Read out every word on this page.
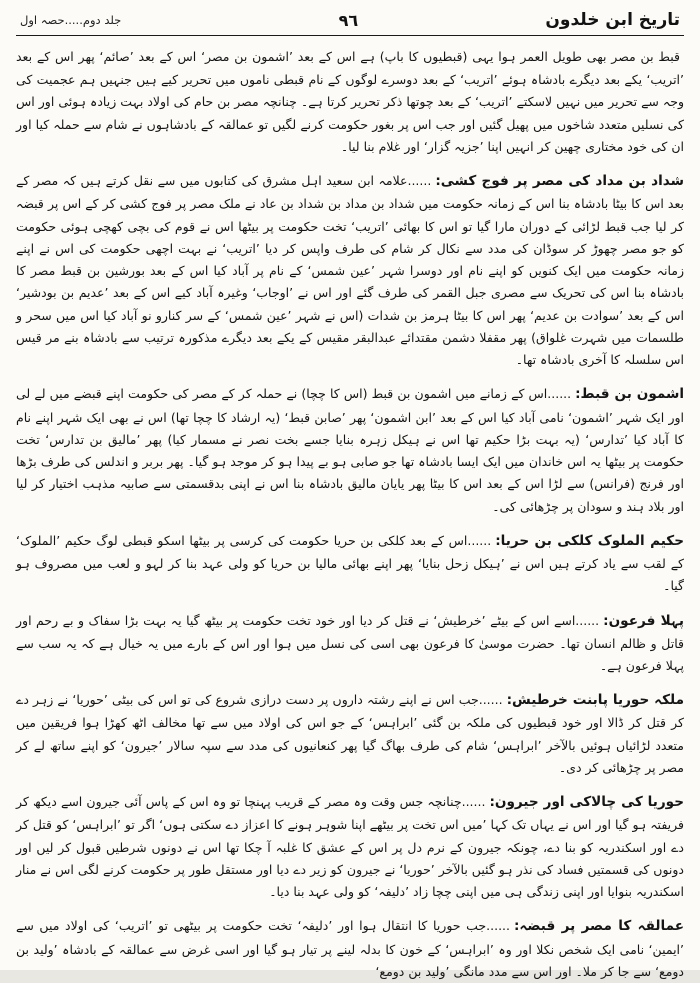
تاریخ ابن خلدون
٩٦
جلد دوم.....حصہ اول

قبط بن مصر بھی طویل العمر ہوا یہی (قبطیوں کا باپ) ہے اس کے بعد ’اشمون بن مصر‘ اس کے بعد ’صائم‘ پھر اس کے بعد ’اتریب‘ یکے بعد دیگرے بادشاہ ہوئے ’اتریب‘ کے بعد دوسرے لوگوں کے نام قبطی ناموں میں تحریر کیے ہیں جنہیں ہم عجمیت کی وجہ سے تحریر میں نہیں لاسکتے ’اتریب‘ کے بعد چوتھا ذکر تحریر کرتا ہے۔ چنانچہ مصر بن حام کی اولاد بہت زیادہ ہوئی اور اس کی نسلیں متعدد شاخوں میں پھیل گئیں اور جب اس پر بغور حکومت کرنے لگیں تو عمالقہ کے بادشاہوں نے شام سے حملہ کیا اور ان کی خود مختاری چھین کر انہیں اپنا ’جزیہ گزار‘ اور غلام بنا لیا۔

شداد بن مداد کی مصر پر فوج کشی:......علامہ ابن سعید اہل مشرق کی کتابوں میں سے نقل کرتے ہیں کہ مصر کے بعد اس کا بیٹا بادشاہ بنا اس کے زمانہ حکومت میں شداد بن مداد بن شداد بن عاد نے ملک مصر پر فوج کشی کر کے اس پر قبضہ کر لیا جب قبط لڑائی کے دوران مارا گیا تو اس کا بھائی ’اتریب‘ تخت حکومت پر بیٹھا اس نے قوم کی بچی کھچی ہوئی حکومت کو جو مصر چھوڑ کر سوڈان کی مدد سے نکال کر شام کی طرف واپس کر دیا ’اتریب‘ نے بہت اچھی حکومت کی اس نے اپنے زمانہ حکومت میں ایک کنویں کو اپنے نام اور دوسرا شہر ’عین شمس‘ کے نام پر آباد کیا اس کے بعد بورشین بن قبط مصر کا بادشاہ بنا اس کی تحریک سے مصری جبل القمر کی طرف گئے اور اس نے ’اوجاب‘ وغیرہ آباد کیے اس کے بعد ’عدیم بن بودشیر‘ اس کے بعد ’سوادت بن عدیم‘ پھر اس کا بیٹا ہرمز بن شدات (اس نے شہر ’عین شمس‘ کے سر کنارو نو آباد کیا اس میں سحر و طلسمات میں شہرت غلواق) پھر مقفلا دشمن مقتدائے عبدالبقر مقیس کے یکے بعد دیگرے مذکورہ ترتیب سے بادشاہ بنے مر قیس اس سلسلہ کا آخری بادشاہ تھا۔

اشمون بن قبط:......اس کے زمانے میں اشمون بن قبط (اس کا چچا) نے حملہ کر کے مصر کی حکومت اپنے قبضے میں لے لی اور ایک شہر ’اشمون‘ نامی آباد کیا اس کے بعد ’ابن اشمون‘ پھر ’صابن قبط‘ (یہ ارشاد کا چچا تھا) اس نے بھی ایک شہر اپنے نام کا آباد کیا ’تدارس‘ (یہ بہت بڑا حکیم تھا اس نے ہیکل زہرہ بنایا جسے بخت نصر نے مسمار کیا) پھر ’مالیق بن تدارس‘ تخت حکومت پر بیٹھا یہ اس خاندان میں ایک ایسا بادشاہ تھا جو صابی ہو بے پیدا ہو کر موجد ہو گیا۔ پھر بربر و اندلس کی طرف بڑھا اور فرنج (فرانس) سے لڑا اس کے بعد اس کا بیٹا پھر یایان مالیق بادشاہ بنا اس نے اپنی بدقسمتی سے صابیہ مذہب اختیار کر لیا اور بلاد ہند و سودان پر چڑھائی کی۔

حکیم الملوک کلکی بن حریا:......اس کے بعد کلکی بن حریا حکومت کی کرسی پر بیٹھا اسکو قبطی لوگ حکیم ’الملوک‘ کے لقب سے یاد کرتے ہیں اس نے ’ہیکل زحل بنایا‘ پھر اپنے بھائی مالیا بن حریا کو ولی عہد بنا کر لہو و لعب میں مصروف ہو گیا۔

پہلا فرعون:......اسے اس کے بیٹے ’خرطیش‘ نے قتل کر دیا اور خود تخت حکومت پر بیٹھ گیا یہ بہت بڑا سفاک و بے رحم اور قاتل و ظالم انسان تھا۔ حضرت موسیٰ کا فرعون بھی اسی کی نسل میں ہوا اور اس کے بارے میں یہ خیال ہے کہ یہ سب سے پہلا فرعون ہے۔

ملکہ حوریا پابنت خرطیش:......جب اس نے اپنے رشتہ داروں پر دست درازی شروع کی تو اس کی بیٹی ’حوریا‘ نے زہر دے کر قتل کر ڈالا اور خود قبطیوں کی ملکہ بن گئی ’ابراہس‘ کے جو اس کی اولاد میں سے تھا مخالف اٹھ کھڑا ہوا فریقین میں متعدد لڑائیاں ہوئیں بالآخر ’ابراہس‘ شام کی طرف بھاگ گیا پھر کنعانیوں کی مدد سے سپہ سالار ’جیرون‘ کو اپنے ساتھ لے کر مصر پر چڑھائی کر دی۔

حوریا کی چالاکی اور جیرون:......چنانچہ جس وقت وہ مصر کے قریب پہنچا تو وہ اس کے پاس آئی جیرون اسے دیکھ کر فریفتہ ہو گیا اور اس نے یہاں تک کہا ’میں اس تخت پر بیٹھے اپنا شوہر ہونے کا اعزاز دے سکتی ہوں‘ اگر تو ’ابراہس‘ کو قتل کر دے اور اسکندریہ کو بنا دے، چونکہ جیرون کے نرم دل پر اس کے عشق کا غلبہ آ چکا تھا اس نے دونوں شرطیں قبول کر لیں اور دونوں کی قسمتیں فساد کی نذر ہو گئیں بالآخر ’حوریا‘ نے جیرون کو زیر دے دیا اور مستقل طور پر حکومت کرنے لگی اس نے منار اسکندریہ بنوایا اور اپنی زندگی ہی میں اپنی چچا زاد ’دلیفہ‘ کو ولی عہد بنا دیا۔

عمالقہ کا مصر پر قبضہ:......جب حوریا کا انتقال ہوا اور ’دلیفہ‘ تخت حکومت پر بیٹھی تو ’اتریب‘ کی اولاد میں سے ’ایمین‘ نامی ایک شخص نکلا اور وہ ’ابراہس‘ کے خون کا بدلہ لینے پر تیار ہو گیا اور اسی غرض سے عمالقہ کے بادشاہ ’ولید بن دومع‘ سے جا کر ملا۔ اور اس سے مدد مانگی ’ولید بن دومع‘
